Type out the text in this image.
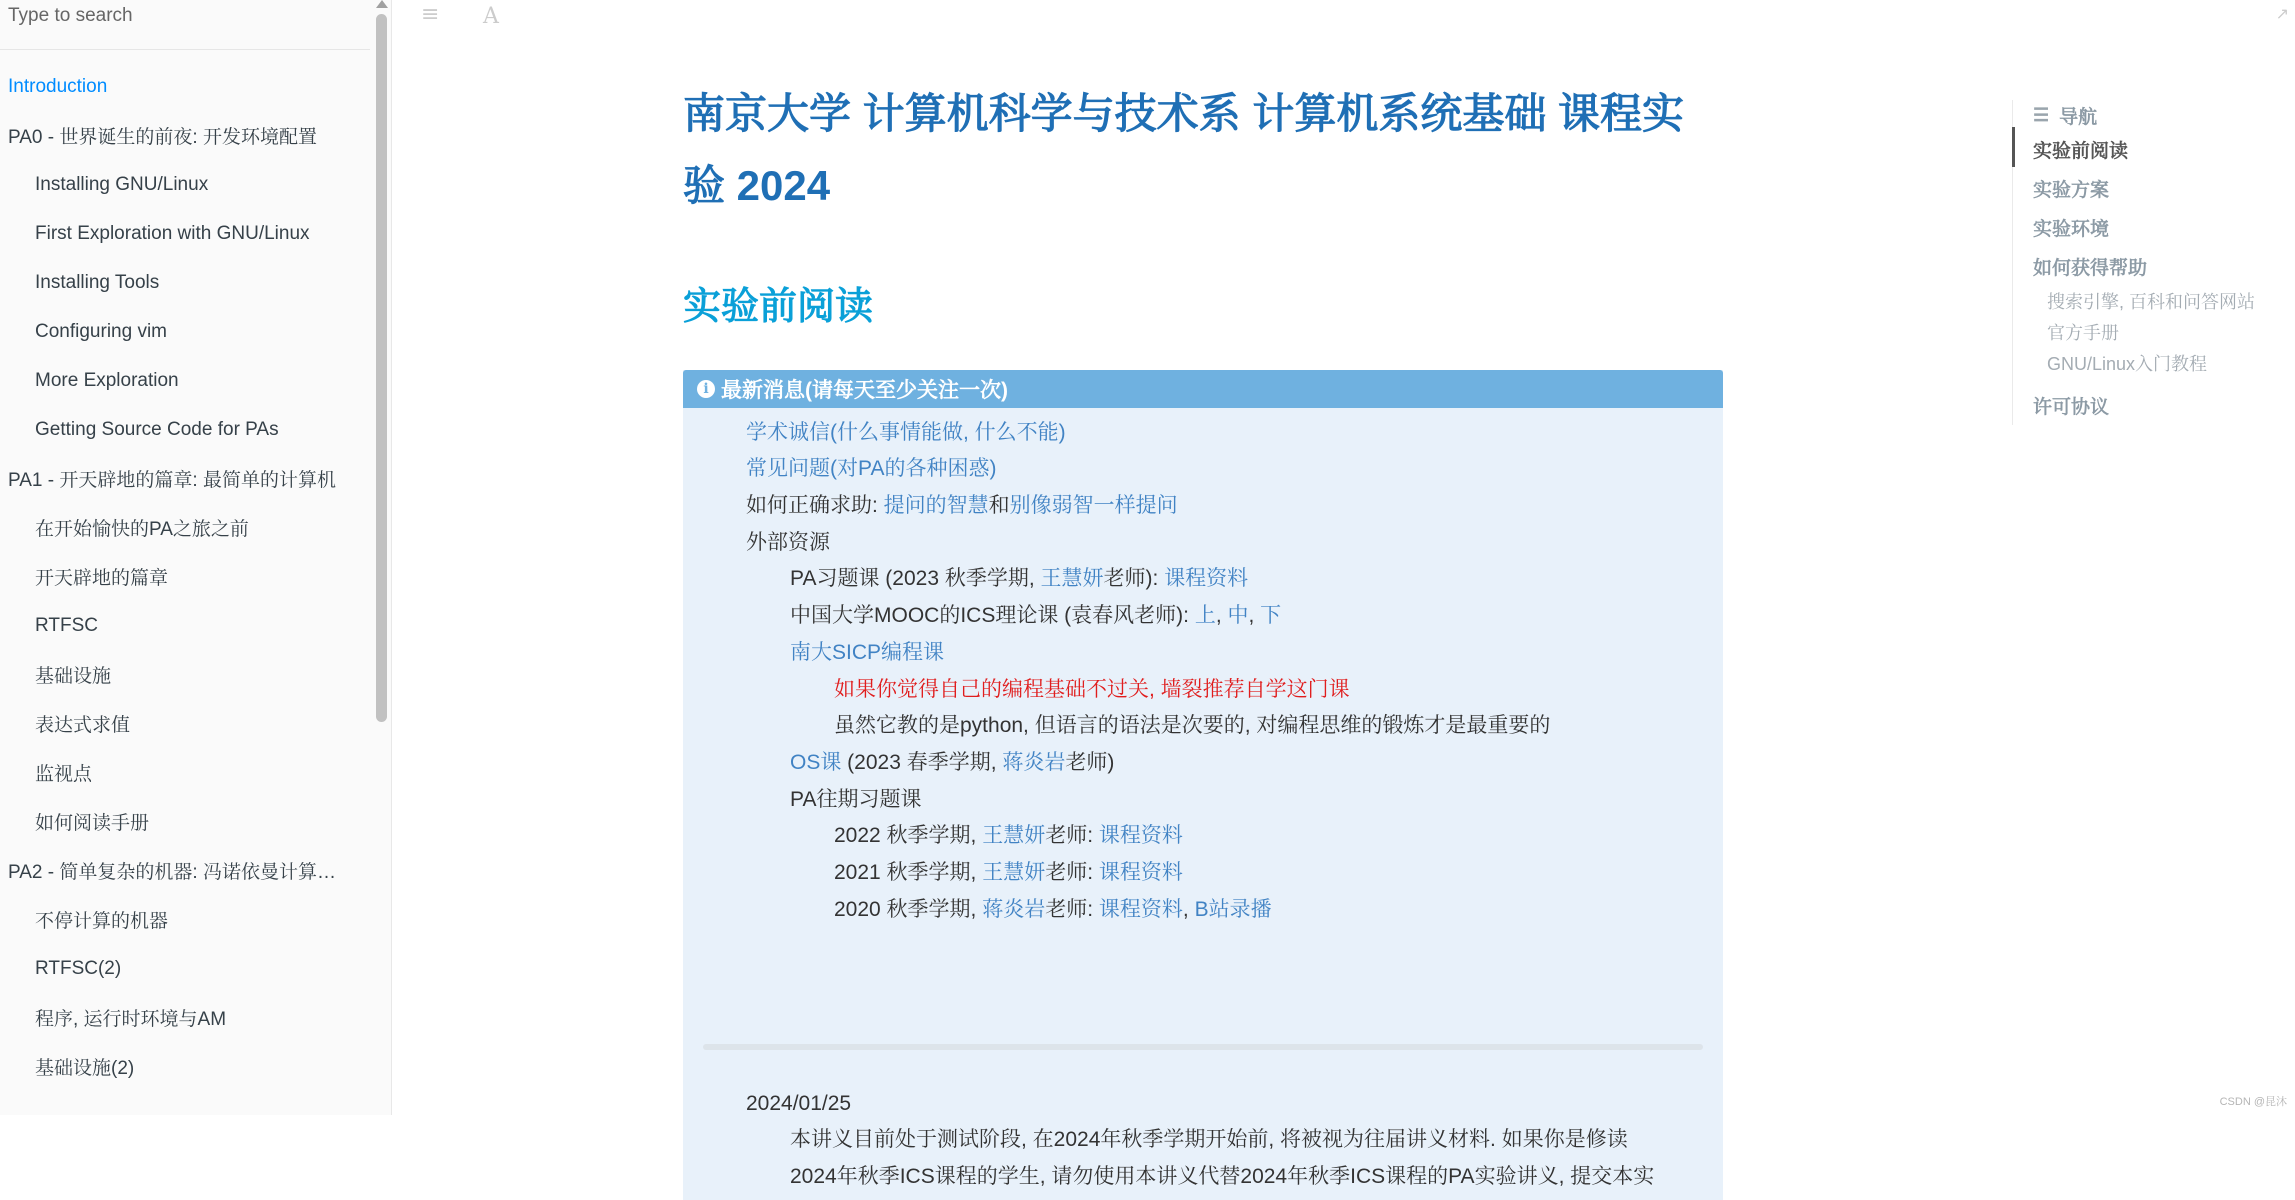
Type to search
Introduction
PA0 - 世界诞生的前夜: 开发环境配置
Installing GNU/Linux
First Exploration with GNU/Linux
Installing Tools
Configuring vim
More Exploration
Getting Source Code for PAs
PA1 - 开天辟地的篇章: 最简单的计算机
在开始愉快的PA之旅之前
开天辟地的篇章
RTFSC
基础设施
表达式求值
监视点
如何阅读手册
PA2 - 简单复杂的机器: 冯诺依曼计算…
不停计算的机器
RTFSC(2)
程序, 运行时环境与AM
基础设施(2)
≡ A	↗
南京大学 计算机科学与技术系 计算机系统基础 课程实验 2024
实验前阅读
i 最新消息(请每天至少关注一次)
学术诚信(什么事情能做, 什么不能)
常见问题(对PA的各种困惑)
如何正确求助: 提问的智慧和别像弱智一样提问
外部资源
PA习题课 (2023 秋季学期, 王慧妍老师): 课程资料
中国大学MOOC的ICS理论课 (袁春风老师): 上, 中, 下
南大SICP编程课
如果你觉得自己的编程基础不过关, 墙裂推荐自学这门课
虽然它教的是python, 但语言的语法是次要的, 对编程思维的锻炼才是最重要的
OS课 (2023 春季学期, 蒋炎岩老师)
PA往期习题课
2022 秋季学期, 王慧妍老师: 课程资料
2021 秋季学期, 王慧妍老师: 课程资料
2020 秋季学期, 蒋炎岩老师: 课程资料, B站录播
2024/01/25
本讲义目前处于测试阶段, 在2024年秋季学期开始前, 将被视为往届讲义材料. 如果你是修读
2024年秋季ICS课程的学生, 请勿使用本讲义代替2024年秋季ICS课程的PA实验讲义, 提交本实
☰ 导航
实验前阅读
实验方案
实验环境
如何获得帮助
搜索引擎, 百科和问答网站
官方手册
GNU/Linux入门教程
许可协议
CSDN @昆沐
